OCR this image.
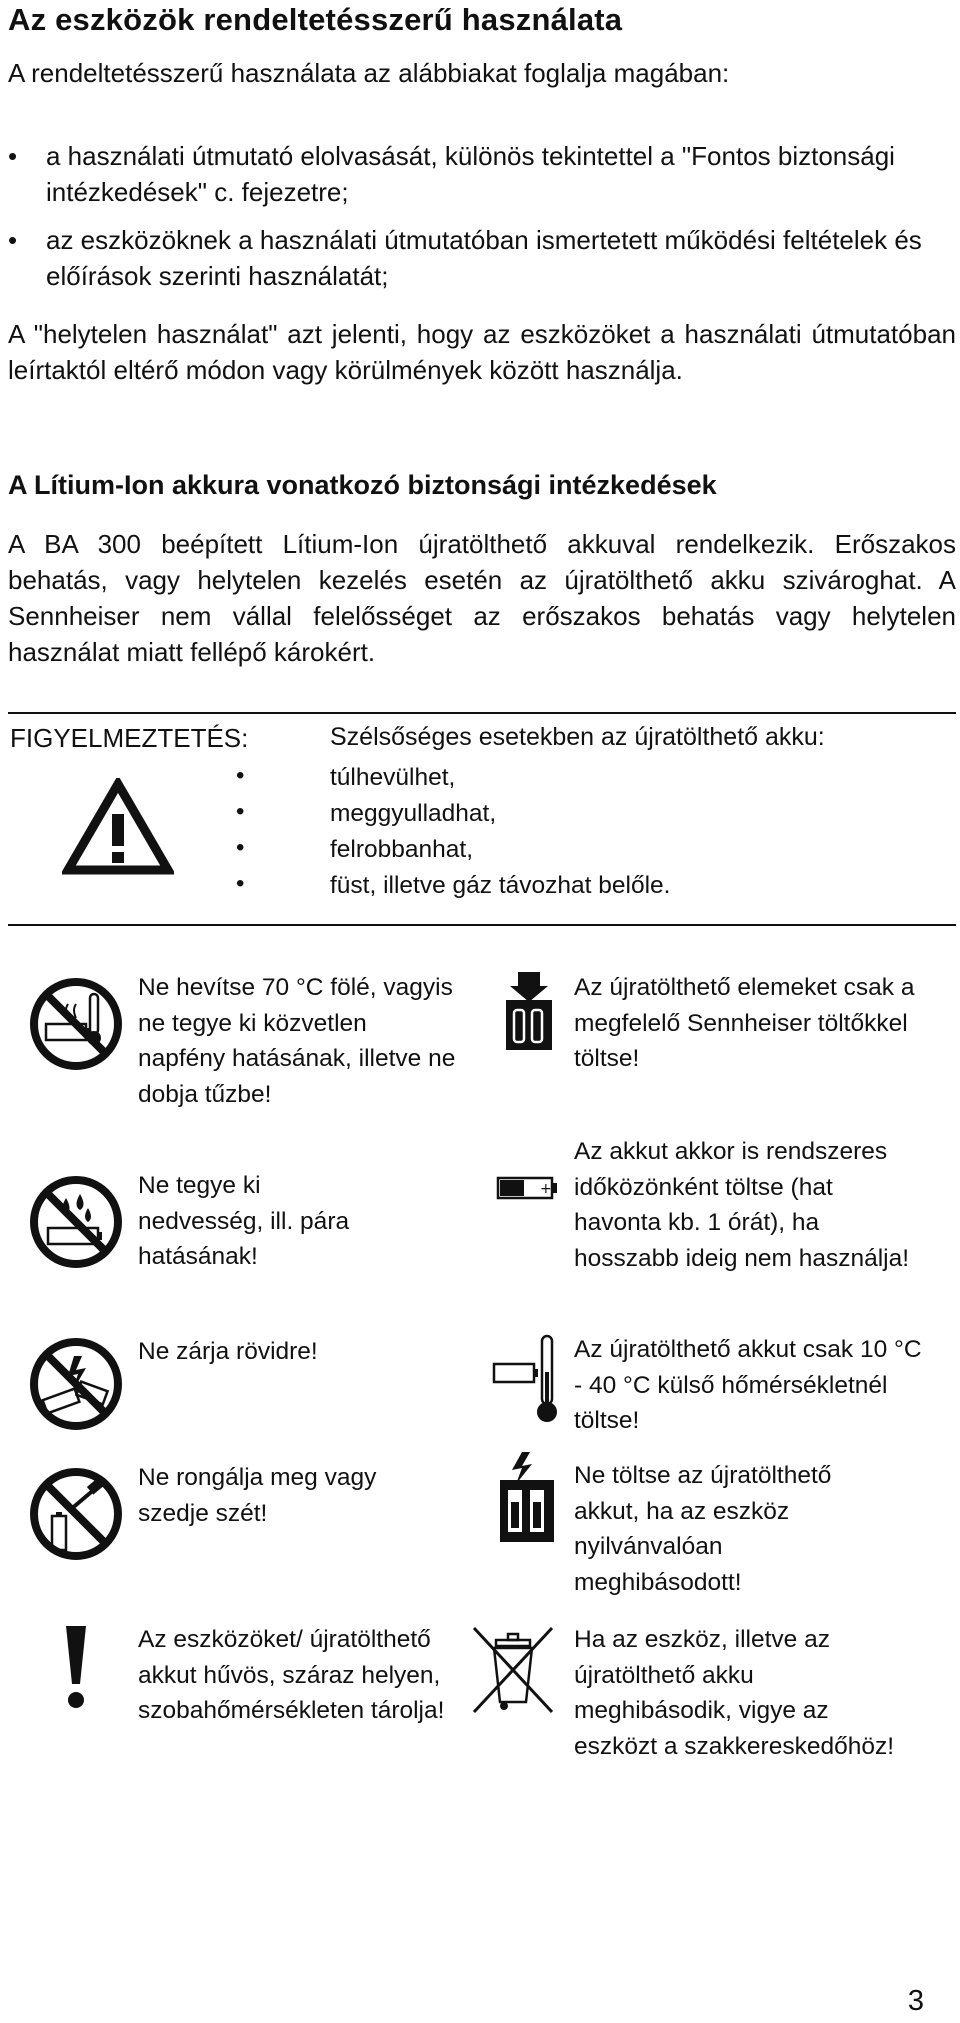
Az eszközök rendeltetésszerű használata
A rendeltetésszerű használata az alábbiakat foglalja magában:
• a használati útmutató elolvasását, különös tekintettel a "Fontos biztonsági intézkedések" c. fejezetre;
• az eszközöknek a használati útmutatóban ismertetett működési feltételek és előírások szerinti használatát;
A "helytelen használat" azt jelenti, hogy az eszközöket a használati útmutatóban leírtaktól eltérő módon vagy körülmények között használja.
A Lítium-Ion akkura vonatkozó biztonsági intézkedések
A BA 300 beépített Lítium-Ion újratölthető akkuval rendelkezik. Erőszakos behatás, vagy helytelen kezelés esetén az újratölthető akku szivároghat. A Sennheiser nem vállal felelősséget az erőszakos behatás vagy helytelen használat miatt fellépő károkért.
FIGYELMEZTETÉS:	Szélsőséges esetekben az újratölthető akku:
•
•
•
•
túlhevülhet,
meggyulladhat,
felrobbanhat,
füst, illetve gáz távozhat belőle.
Ne hevítse 70 °C fölé, vagyis ne tegye ki közvetlen napfény hatásának, illetve ne dobja tűzbe!
Ne tegye ki nedvesség, ill. pára hatásának!
Ne zárja rövidre!
Ne rongálja meg vagy szedje szét!
Az eszközöket/ újratölthető akkut hűvös, száraz helyen, szobahőmérsékleten tárolja!
+
Az újratölthető elemeket csak a megfelelő Sennheiser töltőkkel töltse!
Az akkut akkor is rendszeres időközönként töltse (hat havonta kb. 1 órát), ha hosszabb ideig nem használja!
Az újratölthető akkut csak 10 °C - 40 °C külső hőmérsékletnél töltse!
Ne töltse az újratölthető akkut, ha az eszköz nyilvánvalóan meghibásodott!
Ha az eszköz, illetve az újratölthető akku meghibásodik, vigye az eszközt a szakkereskedőhöz!
3
